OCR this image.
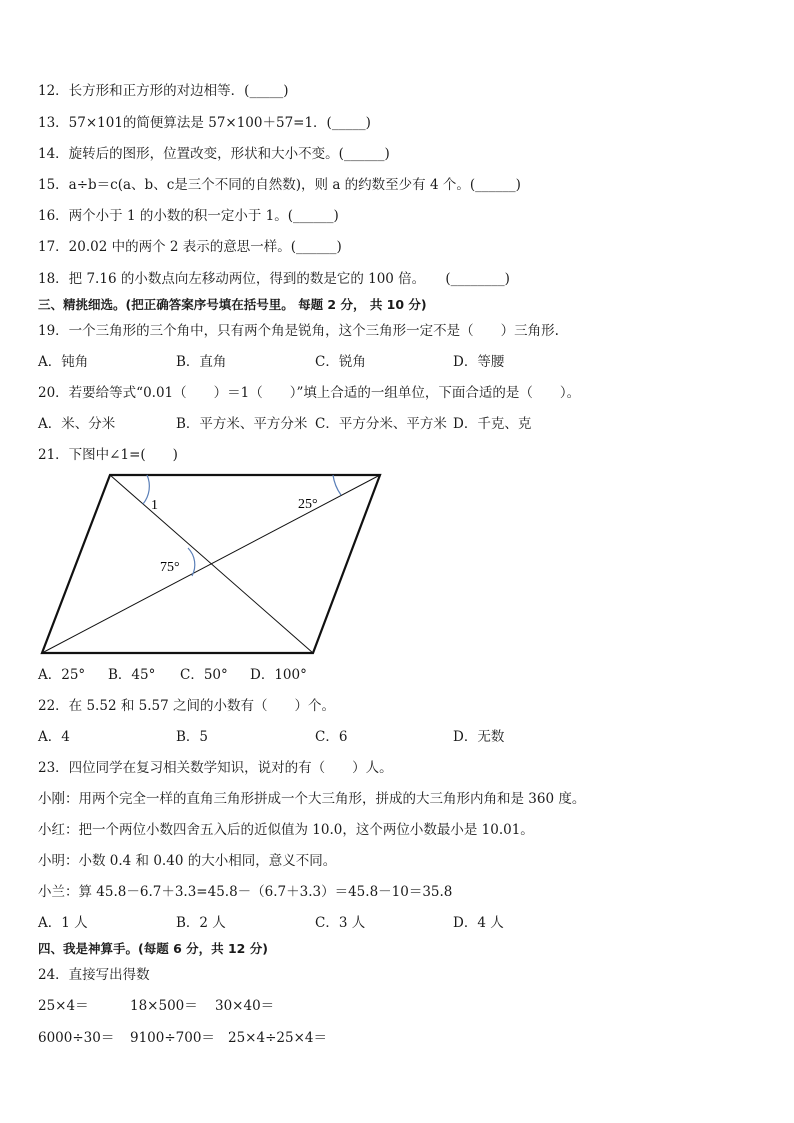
12．长方形和正方形的对边相等．(_____)
13．57×101的简便算法是 57×100＋57=1．(_____)
14．旋转后的图形，位置改变，形状和大小不变。(______)
15．a÷b＝c(a、b、c是三个不同的自然数)，则 a 的约数至少有 4 个。(______)
16．两个小于 1 的小数的积一定小于 1。(______)
17．20.02 中的两个 2 表示的意思一样。(______)
18．把 7.16 的小数点向左移动两位，得到的数是它的 100 倍。　　(________)
三、精挑细选。(把正确答案序号填在括号里。 每题 2 分， 共 10 分)
19．一个三角形的三个角中，只有两个角是锐角，这个三角形一定不是（　　）三角形.
A．钝角	B．直角	C．锐角	D．等腰
20．若要给等式“0.01（　　）＝1（　　）”填上合适的一组单位，下面合适的是（　　）。
A．米、分米	B．平方米、平方分米 C．平方分米、平方米 D．千克、克
21．下图中∠1=(　　)
1	25°
75°
A．25° B．45° C．50° D．100°
22．在 5.52 和 5.57 之间的小数有（　　）个。
A．4	B．5	C．6	D．无数
23．四位同学在复习相关数学知识，说对的有（　　）人。
小刚：用两个完全一样的直角三角形拼成一个大三角形，拼成的大三角形内角和是 360 度。
小红：把一个两位小数四舍五入后的近似值为 10.0，这个两位小数最小是 10.01。
小明：小数 0.4 和 0.40 的大小相同，意义不同。
小兰：算 45.8－6.7＋3.3=45.8－（6.7＋3.3）＝45.8－10＝35.8
A．1 人	B．2 人	C．3 人	D．4 人
四、我是神算手。(每题 6 分，共 12 分)
24．直接写出得数
25×4＝	18×500＝ 30×40＝
6000÷30＝ 9100÷700＝ 25×4÷25×4＝
